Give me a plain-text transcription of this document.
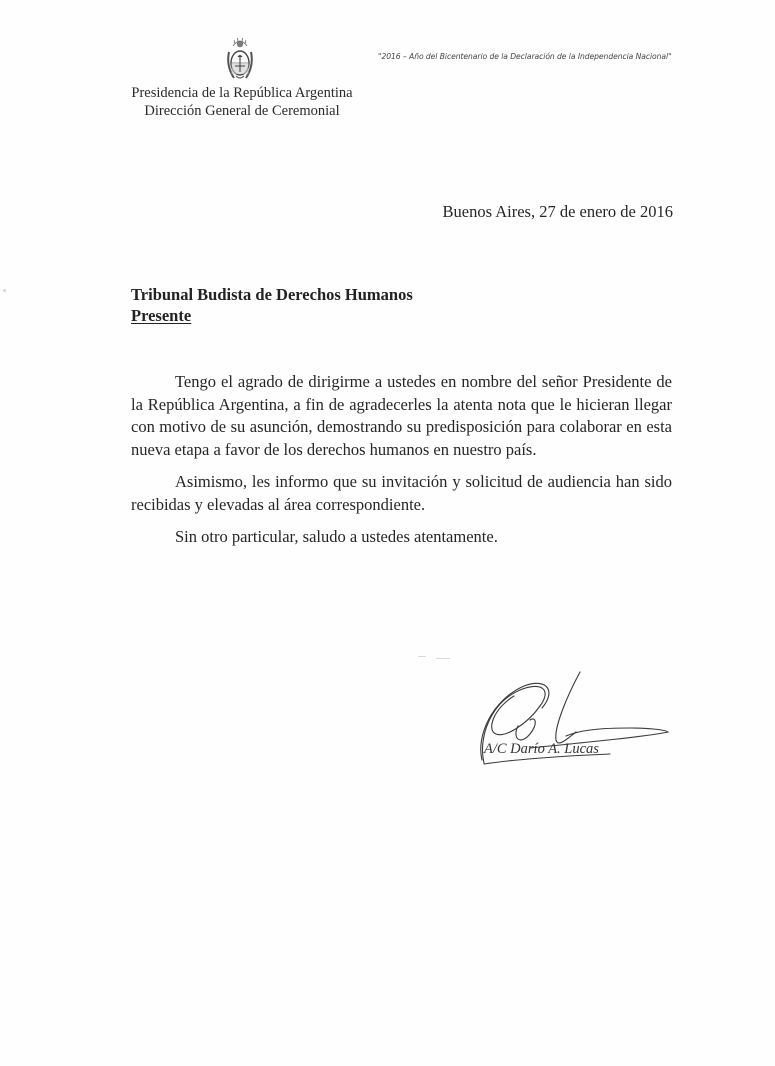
Presidencia de la República Argentina
Dirección General de Ceremonial
"2016 – Año del Bicentenario de la Declaración de la Independencia Nacional"
Buenos Aires, 27 de enero de 2016
Tribunal Budista de Derechos Humanos
Presente

Tengo el agrado de dirigirme a ustedes en nombre del señor Presidente de la República Argentina, a fin de agradecerles la atenta nota que le hicieran llegar con motivo de su asunción, demostrando su predisposición para colaborar en esta nueva etapa a favor de los derechos humanos en nuestro país.

Asimismo, les informo que su invitación y solicitud de audiencia han sido recibidas y elevadas al área correspondiente.

Sin otro particular, saludo a ustedes atentamente.

A/C Darío A. Lucas
